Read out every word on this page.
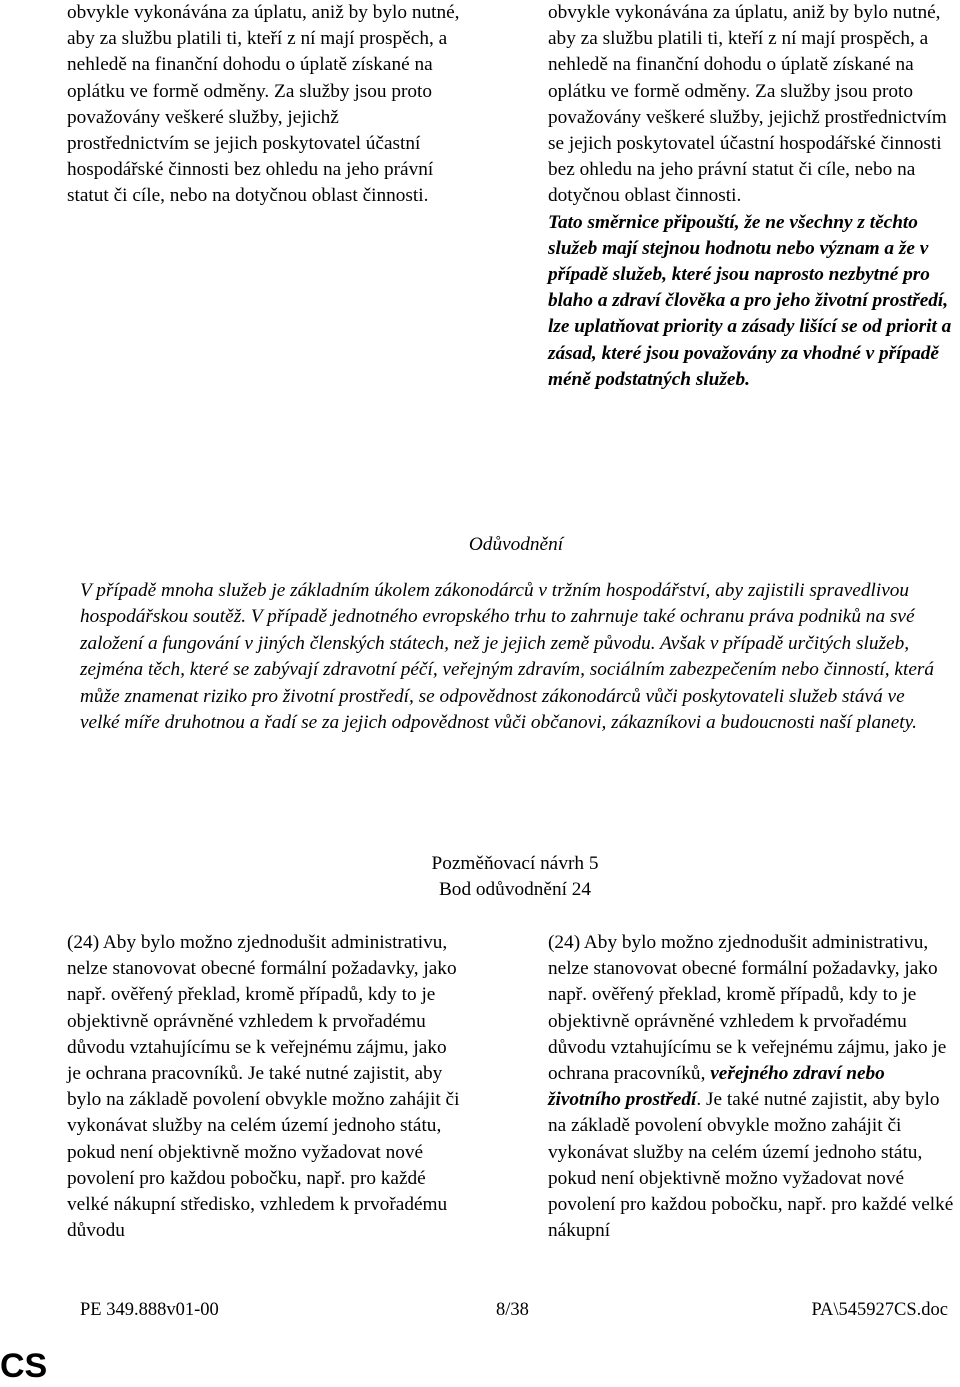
obvykle vykonávána za úplatu, aniž by bylo nutné, aby za službu platili ti, kteří z ní mají prospěch, a nehledě na finanční dohodu o úplatě získané na oplátku ve formě odměny. Za služby jsou proto považovány veškeré služby, jejichž prostřednictvím se jejich poskytovatel účastní hospodářské činnosti bez ohledu na jeho právní statut či cíle, nebo na dotyčnou oblast činnosti.
obvykle vykonávána za úplatu, aniž by bylo nutné, aby za službu platili ti, kteří z ní mají prospěch, a nehledě na finanční dohodu o úplatě získané na oplátku ve formě odměny. Za služby jsou proto považovány veškeré služby, jejichž prostřednictvím se jejich poskytovatel účastní hospodářské činnosti bez ohledu na jeho právní statut či cíle, nebo na dotyčnou oblast činnosti.
Tato směrnice připouští, že ne všechny z těchto služeb mají stejnou hodnotu nebo význam a že v případě služeb, které jsou naprosto nezbytné pro blaho a zdraví člověka a pro jeho životní prostředí, lze uplatňovat priority a zásady lišící se od priorit a zásad, které jsou považovány za vhodné v případě méně podstatných služeb.
Odůvodnění

V případě mnoha služeb je základním úkolem zákonodárců v tržním hospodářství, aby zajistili spravedlivou hospodářskou soutěž. V případě jednotného evropského trhu to zahrnuje také ochranu práva podniků na své založení a fungování v jiných členských státech, než je jejich země původu. Avšak v případě určitých služeb, zejména těch, které se zabývají zdravotní péčí, veřejným zdravím, sociálním zabezpečením nebo činností, která může znamenat riziko pro životní prostředí, se odpovědnost zákonodárců vůči poskytovateli služeb stává ve velké míře druhotnou a řadí se za jejich odpovědnost vůči občanovi, zákazníkovi a budoucnosti naší planety.

Pozměňovací návrh 5
Bod odůvodnění 24
(24) Aby bylo možno zjednodušit administrativu, nelze stanovovat obecné formální požadavky, jako např. ověřený překlad, kromě případů, kdy to je objektivně oprávněné vzhledem k prvořadému důvodu vztahujícímu se k veřejnému zájmu, jako je ochrana pracovníků. Je také nutné zajistit, aby bylo na základě povolení obvykle možno zahájit či vykonávat služby na celém území jednoho státu, pokud není objektivně možno vyžadovat nové povolení pro každou pobočku, např. pro každé velké nákupní středisko, vzhledem k prvořadému důvodu
(24) Aby bylo možno zjednodušit administrativu, nelze stanovovat obecné formální požadavky, jako např. ověřený překlad, kromě případů, kdy to je objektivně oprávněné vzhledem k prvořadému důvodu vztahujícímu se k veřejnému zájmu, jako je ochrana pracovníků, veřejného zdraví nebo životního prostředí. Je také nutné zajistit, aby bylo na základě povolení obvykle možno zahájit či vykonávat služby na celém území jednoho státu, pokud není objektivně možno vyžadovat nové povolení pro každou pobočku, např. pro každé velké nákupní
PE 349.888v01-00	8/38	PA\545927CS.doc
CS
